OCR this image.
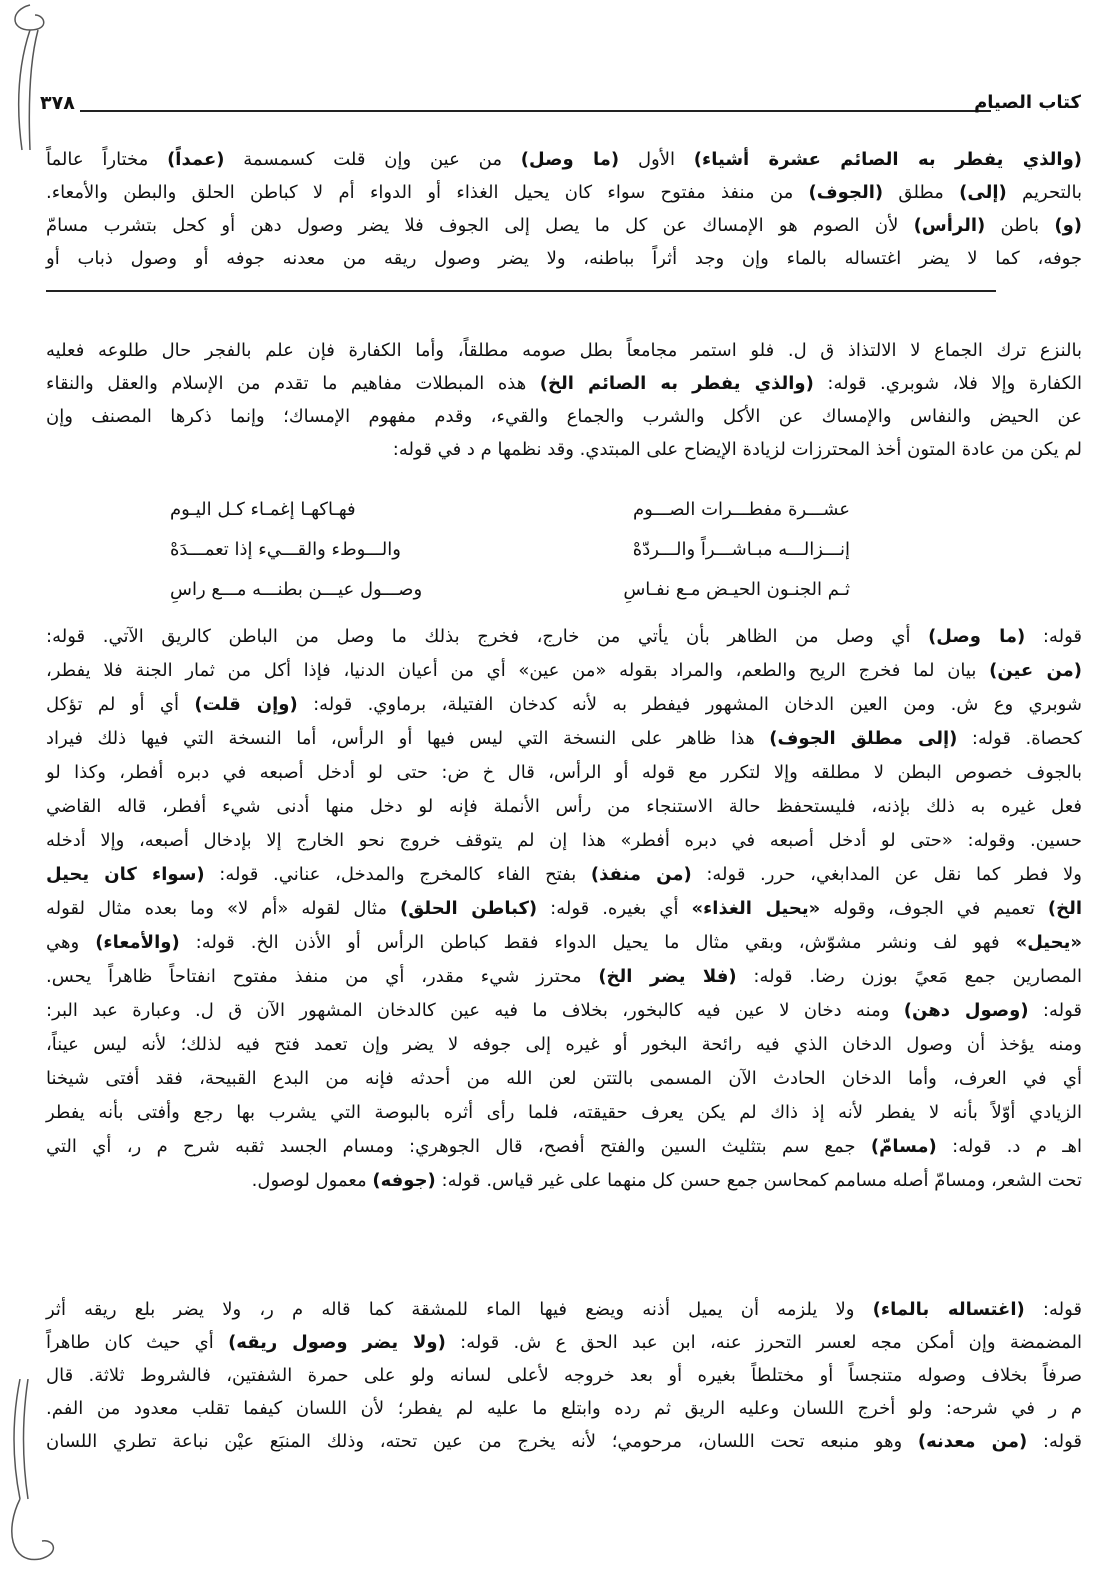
٣٧٨	كتاب الصيام
(والذي يفطر به الصائم عشرة أشياء) الأول (ما وصل) من عين وإن قلت كسمسمة (عمداً) مختاراً عالماً
بالتحريم (إلى) مطلق (الجوف) من منفذ مفتوح سواء كان يحيل الغذاء أو الدواء أم لا كباطن الحلق والبطن والأمعاء.
(و) باطن (الرأس) لأن الصوم هو الإمساك عن كل ما يصل إلى الجوف فلا يضر وصول دهن أو كحل بتشرب مسامّ
جوفه، كما لا يضر اغتساله بالماء وإن وجد أثراً بباطنه، ولا يضر وصول ريقه من معدنه جوفه أو وصول ذباب أو
بالنزع ترك الجماع لا الالتذاذ ق ل. فلو استمر مجامعاً بطل صومه مطلقاً، وأما الكفارة فإن علم بالفجر حال طلوعه فعليه
الكفارة وإلا فلا، شوبري. قوله: (والذي يفطر به الصائم الخ) هذه المبطلات مفاهيم ما تقدم من الإسلام والعقل والنقاء
عن الحيض والنفاس والإمساك عن الأكل والشرب والجماع والقيء، وقدم مفهوم الإمساك؛ وإنما ذكرها المصنف وإن
لم يكن من عادة المتون أخذ المحترزات لزيادة الإيضاح على المبتدي. وقد نظمها م د في قوله:
عشـــرة مفطـــرات الصـــوم
فهـاكهـا إغمـاء كـل اليـوم
إنـــزالـــه مبـاشـــراً والـــردّهْ
والـــوطء والقـــيء إذا تعمـــدَهْ
ثـم الجنـون الحيـض مـع نفـاسِ
وصـــول عيـــن بطنـــه مـــع راسِ
قوله: (ما وصل) أي وصل من الظاهر بأن يأتي من خارج، فخرج بذلك ما وصل من الباطن كالريق الآتي. قوله:
(من عين) بيان لما فخرج الريح والطعم، والمراد بقوله «من عين» أي من أعيان الدنيا، فإذا أكل من ثمار الجنة فلا يفطر،
شوبري وع ش. ومن العين الدخان المشهور فيفطر به لأنه كدخان الفتيلة، برماوي. قوله: (وإن قلت) أي أو لم تؤكل
كحصاة. قوله: (إلى مطلق الجوف) هذا ظاهر على النسخة التي ليس فيها أو الرأس، أما النسخة التي فيها ذلك فيراد
بالجوف خصوص البطن لا مطلقه وإلا لتكرر مع قوله أو الرأس، قال خ ض: حتى لو أدخل أصبعه في دبره أفطر، وكذا لو
فعل غيره به ذلك بإذنه، فليستحفظ حالة الاستنجاء من رأس الأنملة فإنه لو دخل منها أدنى شيء أفطر، قاله القاضي
حسين. وقوله: «حتى لو أدخل أصبعه في دبره أفطر» هذا إن لم يتوقف خروج نحو الخارج إلا بإدخال أصبعه، وإلا أدخله
ولا فطر كما نقل عن المدابغي، حرر. قوله: (من منفذ) بفتح الفاء كالمخرج والمدخل، عناني. قوله: (سواء كان يحيل
الخ) تعميم في الجوف، وقوله «يحيل الغذاء» أي بغيره. قوله: (كباطن الحلق) مثال لقوله «أم لا» وما بعده مثال لقوله
«يحيل» فهو لف ونشر مشوّش، وبقي مثال ما يحيل الدواء فقط كباطن الرأس أو الأذن الخ. قوله: (والأمعاء) وهي
المصارين جمع مَعيً بوزن رضا. قوله: (فلا يضر الخ) محترز شيء مقدر، أي من منفذ مفتوح انفتاحاً ظاهراً يحس.
قوله: (وصول دهن) ومنه دخان لا عين فيه كالبخور، بخلاف ما فيه عين كالدخان المشهور الآن ق ل. وعبارة عبد البر:
ومنه يؤخذ أن وصول الدخان الذي فيه رائحة البخور أو غيره إلى جوفه لا يضر وإن تعمد فتح فيه لذلك؛ لأنه ليس عيناً،
أي في العرف، وأما الدخان الحادث الآن المسمى بالتتن لعن الله من أحدثه فإنه من البدع القبيحة، فقد أفتى شيخنا
الزيادي أوّلاً بأنه لا يفطر لأنه إذ ذاك لم يكن يعرف حقيقته، فلما رأى أثره بالبوصة التي يشرب بها رجع وأفتى بأنه يفطر
اهـ م د. قوله: (مسامّ) جمع سم بتثليث السين والفتح أفصح، قال الجوهري: ومسام الجسد ثقبه شرح م ر، أي التي
تحت الشعر، ومسامّ أصله مسامم كمحاسن جمع حسن كل منهما على غير قياس. قوله: (جوفه) معمول لوصول.
قوله: (اغتساله بالماء) ولا يلزمه أن يميل أذنه ويضع فيها الماء للمشقة كما قاله م ر، ولا يضر بلع ريقه أثر
المضمضة وإن أمكن مجه لعسر التحرز عنه، ابن عبد الحق ع ش. قوله: (ولا يضر وصول ريقه) أي حيث كان طاهراً
صرفاً بخلاف وصوله متنجساً أو مختلطاً بغيره أو بعد خروجه لأعلى لسانه ولو على حمرة الشفتين، فالشروط ثلاثة. قال
م ر في شرحه: ولو أخرج اللسان وعليه الريق ثم رده وابتلع ما عليه لم يفطر؛ لأن اللسان كيفما تقلب معدود من الفم.
قوله: (من معدنه) وهو منبعه تحت اللسان، مرحومي؛ لأنه يخرج من عين تحته، وذلك المنبَع عيْن نباعة تطري اللسان
